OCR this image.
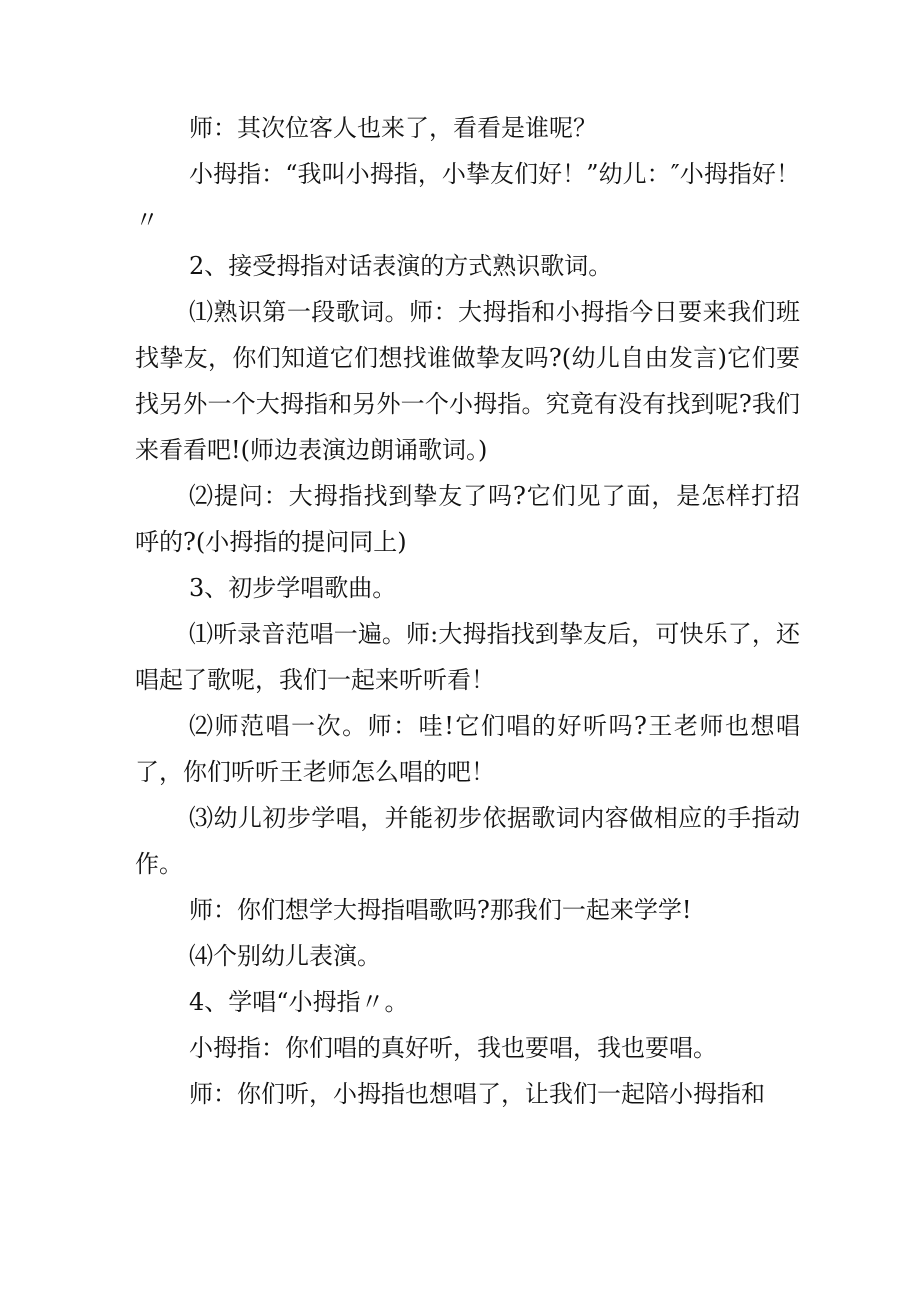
师：其次位客人也来了，看看是谁呢？

小拇指：“我叫小拇指，小挚友们好！”幼儿：″小拇指好！〃

2、接受拇指对话表演的方式熟识歌词。

⑴熟识第一段歌词。师：大拇指和小拇指今日要来我们班找挚友，你们知道它们想找谁做挚友吗?(幼儿自由发言)它们要找另外一个大拇指和另外一个小拇指。究竟有没有找到呢?我们来看看吧!(师边表演边朗诵歌词。)

⑵提问：大拇指找到挚友了吗?它们见了面，是怎样打招呼的?(小拇指的提问同上)

3、初步学唱歌曲。

⑴听录音范唱一遍。师:大拇指找到挚友后，可快乐了，还唱起了歌呢，我们一起来听听看！

⑵师范唱一次。师：哇!它们唱的好听吗?王老师也想唱了，你们听听王老师怎么唱的吧！

⑶幼儿初步学唱，并能初步依据歌词内容做相应的手指动作。

师：你们想学大拇指唱歌吗?那我们一起来学学!

⑷个别幼儿表演。

4、学唱“小拇指〃。

小拇指：你们唱的真好听，我也要唱，我也要唱。

师：你们听，小拇指也想唱了，让我们一起陪小拇指和
